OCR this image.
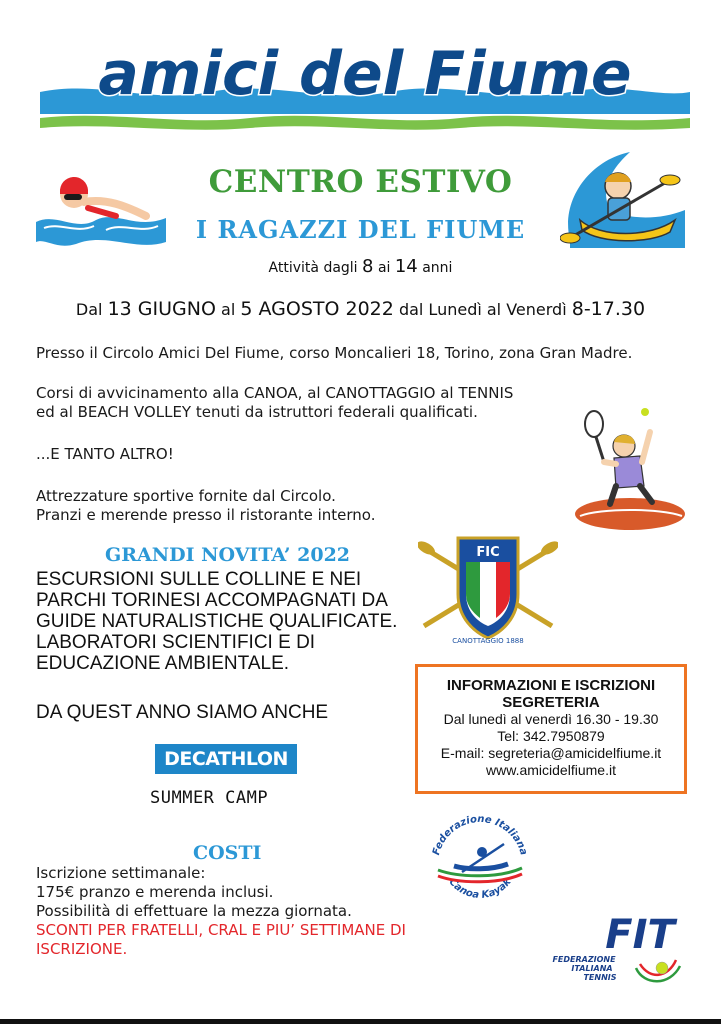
amici del Fiume
CENTRO ESTIVO
I RAGAZZI DEL FIUME
Attività dagli 8 ai 14 anni
Dal 13 GIUGNO al 5 AGOSTO 2022 dal Lunedì al Venerdì 8-17.30
Presso il Circolo Amici Del Fiume, corso Moncalieri 18, Torino, zona Gran Madre.
Corsi di avvicinamento alla CANOA, al CANOTTAGGIO al TENNIS
ed al BEACH VOLLEY tenuti da istruttori federali qualificati.
...E TANTO ALTRO!
Attrezzature sportive fornite dal Circolo.
Pranzi e merende presso il ristorante interno.
GRANDI NOVITA’ 2022
ESCURSIONI SULLE COLLINE E NEI
PARCHI TORINESI ACCOMPAGNATI DA
GUIDE NATURALISTICHE QUALIFICATE.
LABORATORI SCIENTIFICI E DI
EDUCAZIONE AMBIENTALE.
DA QUEST ANNO SIAMO ANCHE
DECATHLON
SUMMER CAMP
FIC
CANOTTAGGIO 1888
INFORMAZIONI E ISCRIZIONI
SEGRETERIA
Dal lunedì al venerdì 16.30 - 19.30
Tel: 342.7950879
E-mail: segreteria@amicidelfiume.it
www.amicidelfiume.it
COSTI
Iscrizione settimanale:
175€ pranzo e merenda inclusi.
Possibilità di effettuare la mezza giornata.
SCONTI PER FRATELLI, CRAL E PIU’ SETTIMANE DI
ISCRIZIONE.
Federazione Italiana
Canoa Kayak
FIT
FEDERAZIONE
ITALIANA
TENNIS
